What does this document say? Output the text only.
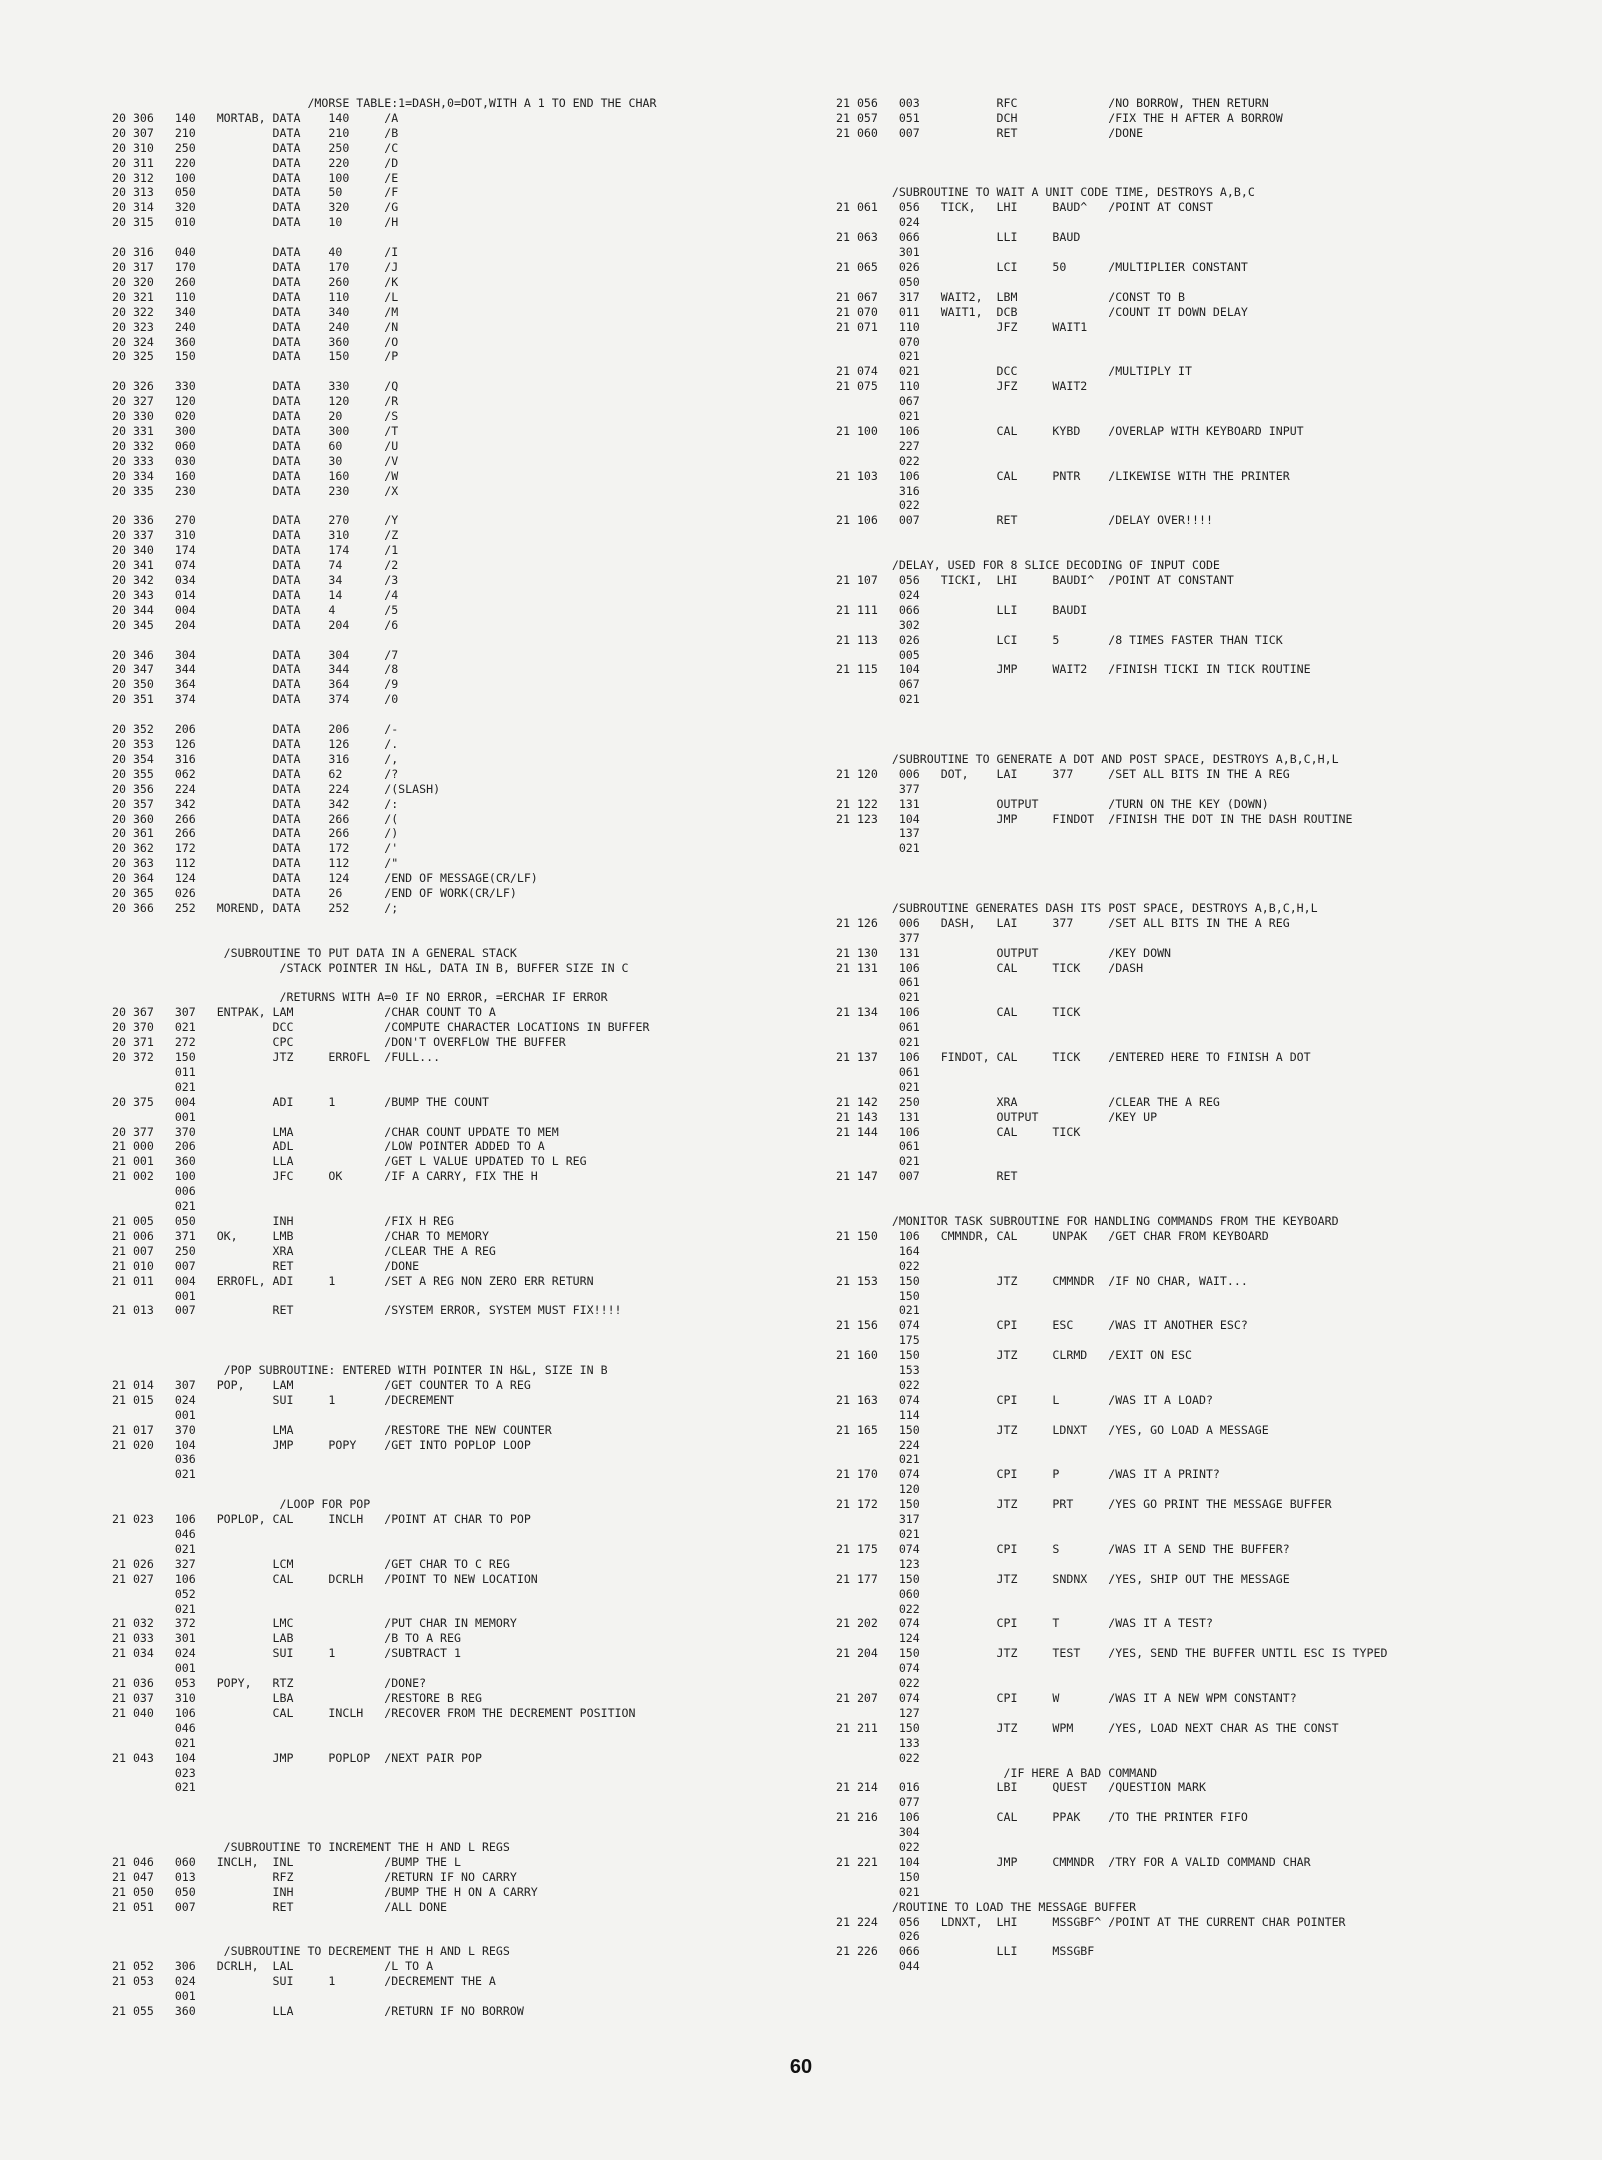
/MORSE TABLE:1=DASH,0=DOT,WITH A 1 TO END THE CHAR
20 306   140   MORTAB, DATA    140     /A
20 307   210           DATA    210     /B
20 310   250           DATA    250     /C
20 311   220           DATA    220     /D
20 312   100           DATA    100     /E
20 313   050           DATA    50      /F
20 314   320           DATA    320     /G
20 315   010           DATA    10      /H

20 316   040           DATA    40      /I
20 317   170           DATA    170     /J
20 320   260           DATA    260     /K
20 321   110           DATA    110     /L
20 322   340           DATA    340     /M
20 323   240           DATA    240     /N
20 324   360           DATA    360     /O
20 325   150           DATA    150     /P

20 326   330           DATA    330     /Q
20 327   120           DATA    120     /R
20 330   020           DATA    20      /S
20 331   300           DATA    300     /T
20 332   060           DATA    60      /U
20 333   030           DATA    30      /V
20 334   160           DATA    160     /W
20 335   230           DATA    230     /X

20 336   270           DATA    270     /Y
20 337   310           DATA    310     /Z
20 340   174           DATA    174     /1
20 341   074           DATA    74      /2
20 342   034           DATA    34      /3
20 343   014           DATA    14      /4
20 344   004           DATA    4       /5
20 345   204           DATA    204     /6

20 346   304           DATA    304     /7
20 347   344           DATA    344     /8
20 350   364           DATA    364     /9
20 351   374           DATA    374     /0

20 352   206           DATA    206     /-
20 353   126           DATA    126     /.
20 354   316           DATA    316     /,
20 355   062           DATA    62      /?
20 356   224           DATA    224     /(SLASH)
20 357   342           DATA    342     /:
20 360   266           DATA    266     /(
20 361   266           DATA    266     /)
20 362   172           DATA    172     /'
20 363   112           DATA    112     /"
20 364   124           DATA    124     /END OF MESSAGE(CR/LF)
20 365   026           DATA    26      /END OF WORK(CR/LF)
20 366   252   MOREND, DATA    252     /;

/SUBROUTINE TO PUT DATA IN A GENERAL STACK
/STACK POINTER IN H&L, DATA IN B, BUFFER SIZE IN C

/RETURNS WITH A=0 IF NO ERROR, =ERCHAR IF ERROR
20 367   307   ENTPAK, LAM             /CHAR COUNT TO A
20 370   021           DCC             /COMPUTE CHARACTER LOCATIONS IN BUFFER
20 371   272           CPC             /DON'T OVERFLOW THE BUFFER
20 372   150           JTZ     ERROFL  /FULL...
011
021
20 375   004           ADI     1       /BUMP THE COUNT
001
20 377   370           LMA             /CHAR COUNT UPDATE TO MEM
21 000   206           ADL             /LOW POINTER ADDED TO A
21 001   360           LLA             /GET L VALUE UPDATED TO L REG
21 002   100           JFC     OK      /IF A CARRY, FIX THE H
006
021
21 005   050           INH             /FIX H REG
21 006   371   OK,     LMB             /CHAR TO MEMORY
21 007   250           XRA             /CLEAR THE A REG
21 010   007           RET             /DONE
21 011   004   ERROFL, ADI     1       /SET A REG NON ZERO ERR RETURN
001
21 013   007           RET             /SYSTEM ERROR, SYSTEM MUST FIX!!!!

/POP SUBROUTINE: ENTERED WITH POINTER IN H&L, SIZE IN B
21 014   307   POP,    LAM             /GET COUNTER TO A REG
21 015   024           SUI     1       /DECREMENT
001
21 017   370           LMA             /RESTORE THE NEW COUNTER
21 020   104           JMP     POPY    /GET INTO POPLOP LOOP
036
021

/LOOP FOR POP
21 023   106   POPLOP, CAL     INCLH   /POINT AT CHAR TO POP
046
021
21 026   327           LCM             /GET CHAR TO C REG
21 027   106           CAL     DCRLH   /POINT TO NEW LOCATION
052
021
21 032   372           LMC             /PUT CHAR IN MEMORY
21 033   301           LAB             /B TO A REG
21 034   024           SUI     1       /SUBTRACT 1
001
21 036   053   POPY,   RTZ             /DONE?
21 037   310           LBA             /RESTORE B REG
21 040   106           CAL     INCLH   /RECOVER FROM THE DECREMENT POSITION
046
021
21 043   104           JMP     POPLOP  /NEXT PAIR POP
023
021

/SUBROUTINE TO INCREMENT THE H AND L REGS
21 046   060   INCLH,  INL             /BUMP THE L
21 047   013           RFZ             /RETURN IF NO CARRY
21 050   050           INH             /BUMP THE H ON A CARRY
21 051   007           RET             /ALL DONE

/SUBROUTINE TO DECREMENT THE H AND L REGS
21 052   306   DCRLH,  LAL             /L TO A
21 053   024           SUI     1       /DECREMENT THE A
001
21 055   360           LLA             /RETURN IF NO BORROW

21 056   003           RFC             /NO BORROW, THEN RETURN
21 057   051           DCH             /FIX THE H AFTER A BORROW
21 060   007           RET             /DONE

/SUBROUTINE TO WAIT A UNIT CODE TIME, DESTROYS A,B,C
21 061   056   TICK,   LHI     BAUD^   /POINT AT CONST
024
21 063   066           LLI     BAUD
301
21 065   026           LCI     50      /MULTIPLIER CONSTANT
050
21 067   317   WAIT2,  LBM             /CONST TO B
21 070   011   WAIT1,  DCB             /COUNT IT DOWN DELAY
21 071   110           JFZ     WAIT1
070
021
21 074   021           DCC             /MULTIPLY IT
21 075   110           JFZ     WAIT2
067
021
21 100   106           CAL     KYBD    /OVERLAP WITH KEYBOARD INPUT
227
022
21 103   106           CAL     PNTR    /LIKEWISE WITH THE PRINTER
316
022
21 106   007           RET             /DELAY OVER!!!!

/DELAY, USED FOR 8 SLICE DECODING OF INPUT CODE
21 107   056   TICKI,  LHI     BAUDI^  /POINT AT CONSTANT
024
21 111   066           LLI     BAUDI
302
21 113   026           LCI     5       /8 TIMES FASTER THAN TICK
005
21 115   104           JMP     WAIT2   /FINISH TICKI IN TICK ROUTINE
067
021

/SUBROUTINE TO GENERATE A DOT AND POST SPACE, DESTROYS A,B,C,H,L
21 120   006   DOT,    LAI     377     /SET ALL BITS IN THE A REG
377
21 122   131           OUTPUT          /TURN ON THE KEY (DOWN)
21 123   104           JMP     FINDOT  /FINISH THE DOT IN THE DASH ROUTINE
137
021

/SUBROUTINE GENERATES DASH ITS POST SPACE, DESTROYS A,B,C,H,L
21 126   006   DASH,   LAI     377     /SET ALL BITS IN THE A REG
377
21 130   131           OUTPUT          /KEY DOWN
21 131   106           CAL     TICK    /DASH
061
021
21 134   106           CAL     TICK
061
021
21 137   106   FINDOT, CAL     TICK    /ENTERED HERE TO FINISH A DOT
061
021
21 142   250           XRA             /CLEAR THE A REG
21 143   131           OUTPUT          /KEY UP
21 144   106           CAL     TICK
061
021
21 147   007           RET

/MONITOR TASK SUBROUTINE FOR HANDLING COMMANDS FROM THE KEYBOARD
21 150   106   CMMNDR, CAL     UNPAK   /GET CHAR FROM KEYBOARD
164
022
21 153   150           JTZ     CMMNDR  /IF NO CHAR, WAIT...
150
021
21 156   074           CPI     ESC     /WAS IT ANOTHER ESC?
175
21 160   150           JTZ     CLRMD   /EXIT ON ESC
153
022
21 163   074           CPI     L       /WAS IT A LOAD?
114
21 165   150           JTZ     LDNXT   /YES, GO LOAD A MESSAGE
224
021
21 170   074           CPI     P       /WAS IT A PRINT?
120
21 172   150           JTZ     PRT     /YES GO PRINT THE MESSAGE BUFFER
317
021
21 175   074           CPI     S       /WAS IT A SEND THE BUFFER?
123
21 177   150           JTZ     SNDNX   /YES, SHIP OUT THE MESSAGE
060
022
21 202   074           CPI     T       /WAS IT A TEST?
124
21 204   150           JTZ     TEST    /YES, SEND THE BUFFER UNTIL ESC IS TYPED
074
022
21 207   074           CPI     W       /WAS IT A NEW WPM CONSTANT?
127
21 211   150           JTZ     WPM     /YES, LOAD NEXT CHAR AS THE CONST
133
022
/IF HERE A BAD COMMAND
21 214   016           LBI     QUEST   /QUESTION MARK
077
21 216   106           CAL     PPAK    /TO THE PRINTER FIFO
304
022
21 221   104           JMP     CMMNDR  /TRY FOR A VALID COMMAND CHAR
150
021
/ROUTINE TO LOAD THE MESSAGE BUFFER
21 224   056   LDNXT,  LHI     MSSGBF^ /POINT AT THE CURRENT CHAR POINTER
026
21 226   066           LLI     MSSGBF
044

60
